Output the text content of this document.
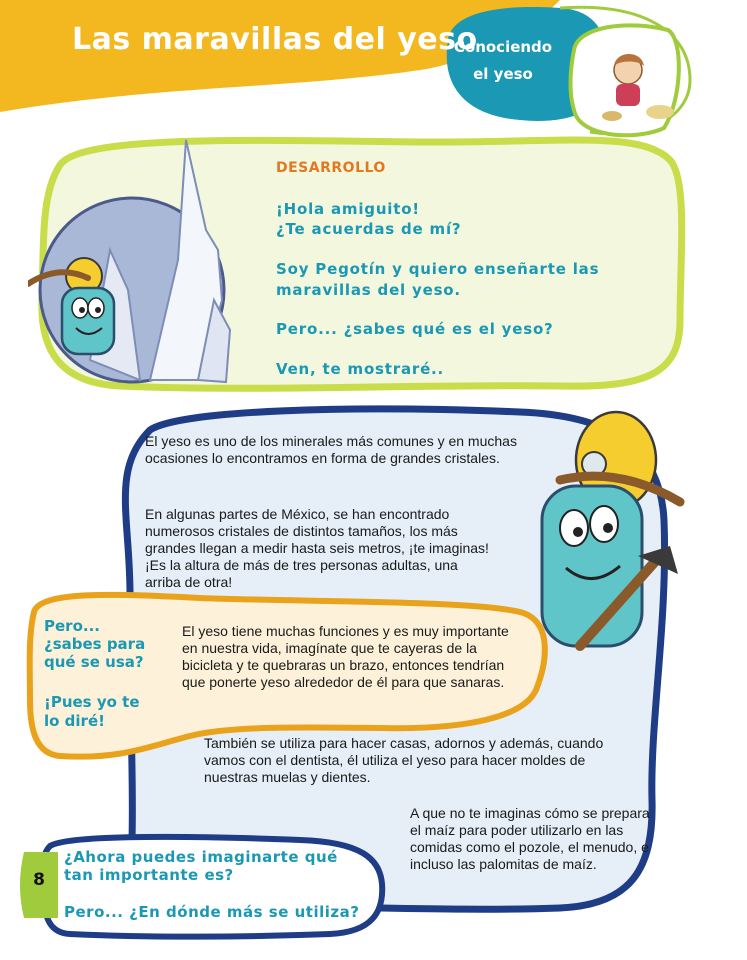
Las maravillas del yeso
Conociendo
el yeso
DESARROLLO
¡Hola amiguito!
¿Te acuerdas de mí?
Soy Pegotín y quiero enseñarte las
maravillas del yeso.
Pero... ¿sabes qué es el yeso?
Ven, te mostraré..

El yeso es uno de los minerales más comunes y en muchas ocasiones lo encontramos en forma de grandes cristales.

En algunas partes de México, se han encontrado numerosos cristales de distintos tamaños, los más grandes llegan a medir hasta seis metros, ¡te imaginas! ¡Es la altura de más de tres personas adultas, una arriba de otra!

Pero...
¿sabes para
qué se usa?
¡Pues yo te
lo diré!

El yeso tiene muchas funciones y es muy importante en nuestra vida, imagínate que te cayeras de la bicicleta y te quebraras un brazo, entonces tendrían que ponerte yeso alrededor de él para que sanaras.

También se utiliza para hacer casas, adornos y además, cuando vamos con el dentista, él utiliza el yeso para hacer moldes de nuestras muelas y dientes.

A que no te imaginas cómo se prepara el maíz para poder utilizarlo en las comidas como el pozole, el menudo, e incluso las palomitas de maíz.

¿Ahora puedes imaginarte qué
tan importante es?
Pero... ¿En dónde más se utiliza?
8
